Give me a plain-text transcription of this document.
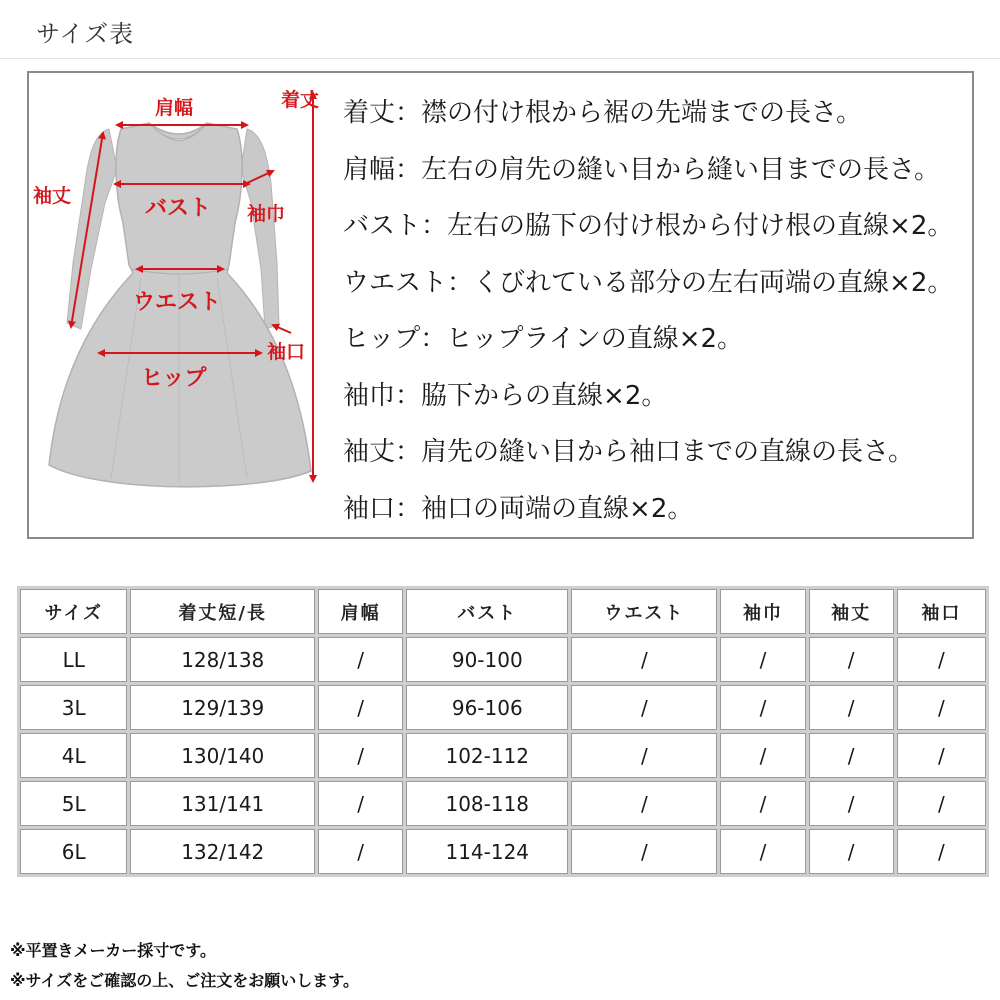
サイズ表
着丈
肩幅
袖丈	バスト 袖巾
ウエスト
袖口
ヒップ
着丈：襟の付け根から裾の先端までの長さ。
肩幅：左右の肩先の縫い目から縫い目までの長さ。
バスト：左右の脇下の付け根から付け根の直線×2。
ウエスト：くびれている部分の左右両端の直線×2。
ヒップ：ヒップラインの直線×2。
袖巾：脇下からの直線×2。
袖丈：肩先の縫い目から袖口までの直線の長さ。
袖口：袖口の両端の直線×2。
サイズ	着丈短/長	肩幅	バスト	ウエスト	袖巾	袖丈	袖口
LL	128/138	/	90-100	/	/	/	/
3L	129/139	/	96-106	/	/	/	/
4L	130/140	/	102-112	/	/	/	/
5L	131/141	/	108-118	/	/	/	/
6L	132/142	/	114-124	/	/	/	/
※平置きメーカー採寸です。
※サイズをご確認の上、ご注文をお願いします。
